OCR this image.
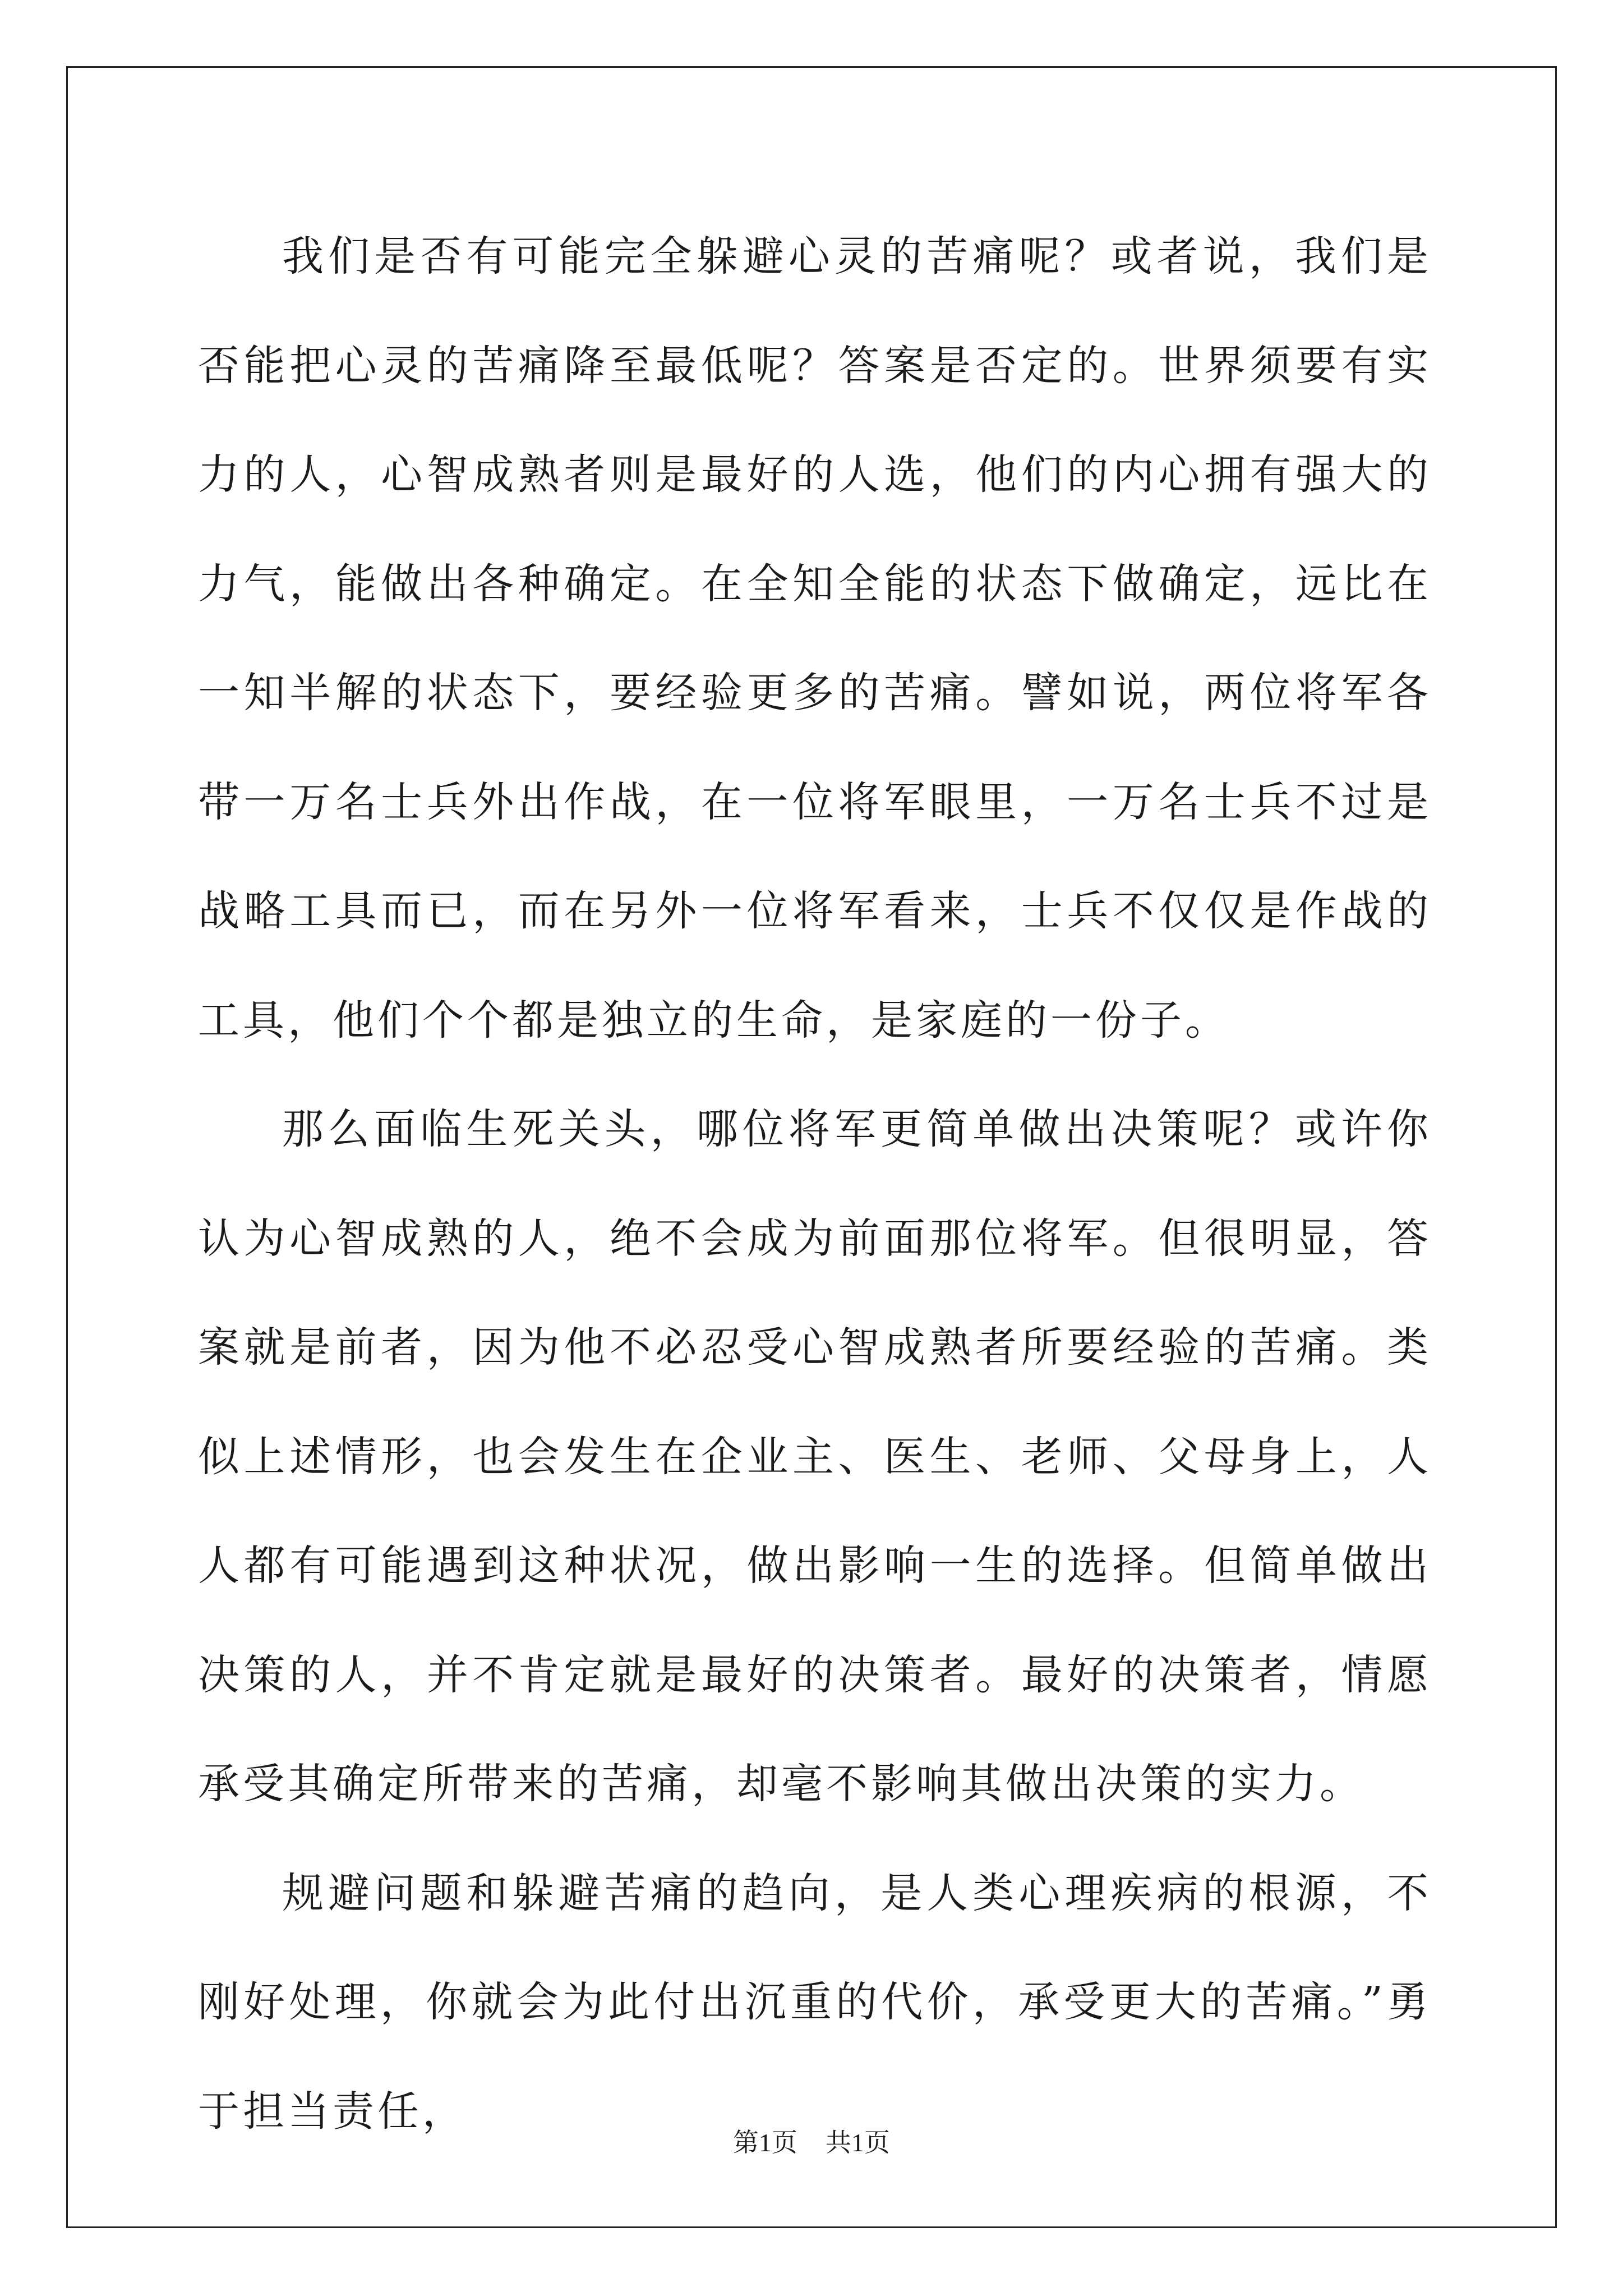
我们是否有可能完全躲避心灵的苦痛呢？或者说，我们是否能把心灵的苦痛降至最低呢？答案是否定的。世界须要有实力的人，心智成熟者则是最好的人选，他们的内心拥有强大的力气，能做出各种确定。在全知全能的状态下做确定，远比在一知半解的状态下，要经验更多的苦痛。譬如说，两位将军各带一万名士兵外出作战，在一位将军眼里，一万名士兵不过是战略工具而已，而在另外一位将军看来，士兵不仅仅是作战的工具，他们个个都是独立的生命，是家庭的一份子。

那么面临生死关头，哪位将军更简单做出决策呢？或许你认为心智成熟的人，绝不会成为前面那位将军。但很明显，答案就是前者，因为他不必忍受心智成熟者所要经验的苦痛。类似上述情形，也会发生在企业主、医生、老师、父母身上，人人都有可能遇到这种状况，做出影响一生的选择。但简单做出决策的人，并不肯定就是最好的决策者。最好的决策者，情愿承受其确定所带来的苦痛，却毫不影响其做出决策的实力。

规避问题和躲避苦痛的趋向，是人类心理疾病的根源，不刚好处理，你就会为此付出沉重的代价，承受更大的苦痛。”勇于担当责任，

第1页 共1页
